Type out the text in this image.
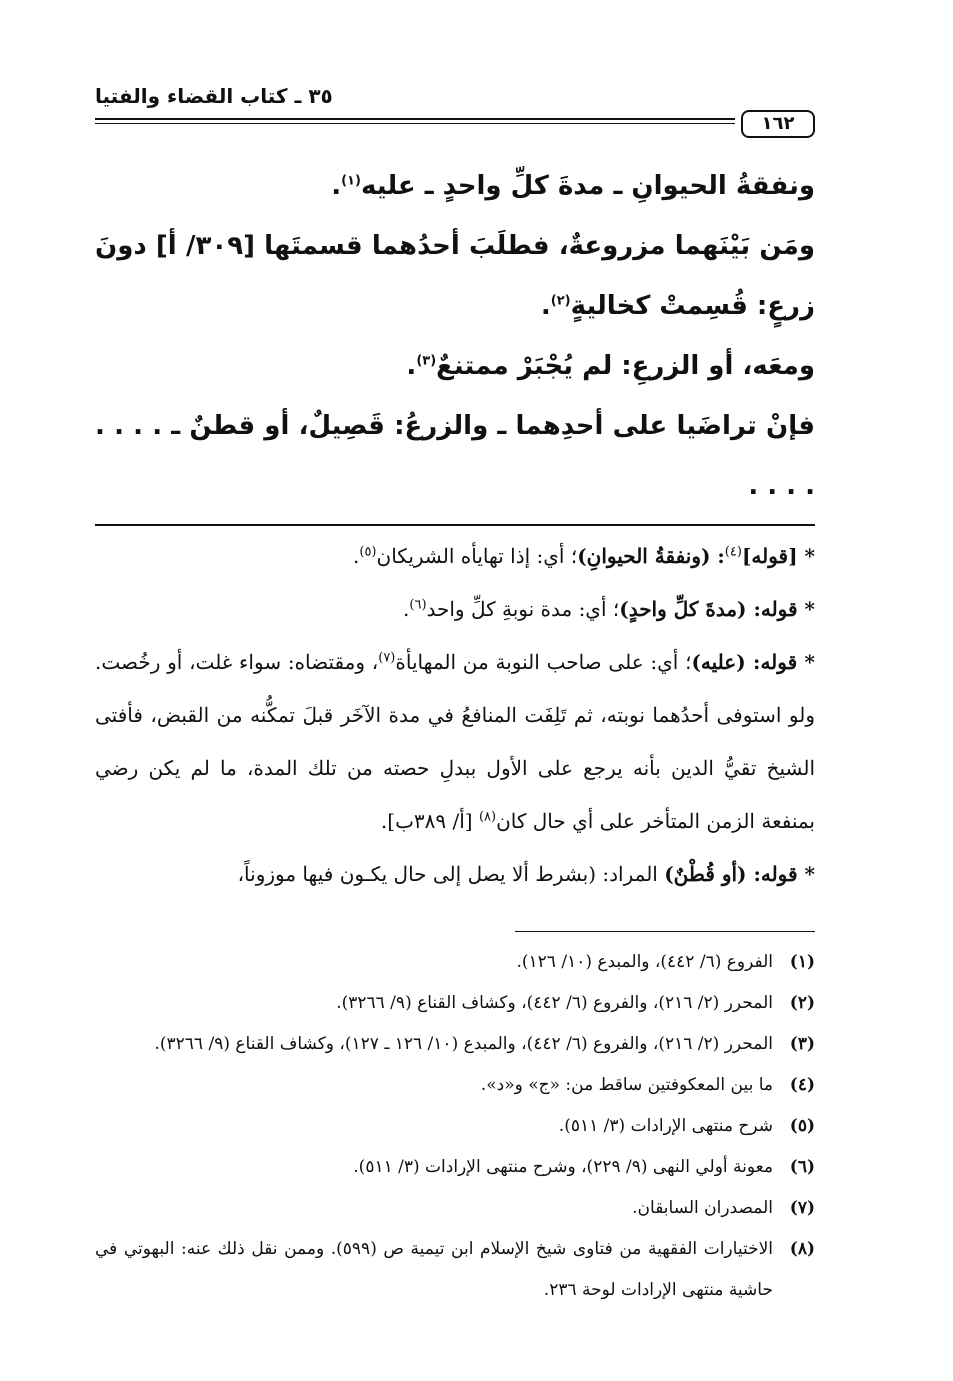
١٦٢
٣٥ ـ كتاب القضاء والفتيا

ونفقةُ الحيوانِ ـ مدةَ كلِّ واحدٍ ـ عليه$^{(١)}$.

ومَن بَيْنَهما مزروعةٌ، فطلَبَ أحدُهما قسمتَها [٣٠٩/ أ] دونَ زرعٍ: قُسِمتْ كخاليةٍ$^{(٢)}$.

ومعَه، أو الزرعِ: لم يُجْبَرْ ممتنعٌ$^{(٣)}$.

فإنْ تراضَيا على أحدِهما ـ والزرعُ: قَصِيلٌ، أو قطنٌ ـ . . . . . . . .

* [قوله]$^{(٤)}$: (ونفقةُ الحيوانِ)؛ أي: إذا تهايأه الشريكان$^{(٥)}$.

* قوله: (مدةَ كلِّ واحدٍ)؛ أي: مدة نوبةِ كلِّ واحد$^{(٦)}$.

* قوله: (عليه)؛ أي: على صاحب النوبة من المهايأة$^{(٧)}$، ومقتضاه: سواء غلت، أو رخُصت. ولو استوفى أحدُهما نوبته، ثم تَلِفَت المنافعُ في مدة الآخَر قبلَ تمكُّنه من القبض، فأفتى الشيخ تقيُّ الدين بأنه يرجع على الأول ببدلِ حصته من تلك المدة، ما لم يكن رضي بمنفعة الزمن المتأخر على أي حال كان$^{(٨)}$ [أ/ ٣٨٩ب].

* قوله: (أو قُطْنٌ) المراد: (بشرط ألا يصل إلى حال يكـون فيها موزوناً،

(١)
الفروع (٦/ ٤٤٢)، والمبدع (١٠/ ١٢٦).
(٢)
المحرر (٢/ ٢١٦)، والفروع (٦/ ٤٤٢)، وكشاف القناع (٩/ ٣٢٦٦).
(٣)
المحرر (٢/ ٢١٦)، والفروع (٦/ ٤٤٢)، والمبدع (١٠/ ١٢٦ ـ ١٢٧)، وكشاف القناع (٩/ ٣٢٦٦).
(٤)
ما بين المعكوفتين ساقط من: «ج» و«د».
(٥)
شرح منتهى الإرادات (٣/ ٥١١).
(٦)
معونة أولي النهى (٩/ ٢٢٩)، وشرح منتهى الإرادات (٣/ ٥١١).
(٧)
المصدران السابقان.
(٨)
الاختيارات الفقهية من فتاوى شيخ الإسلام ابن تيمية ص (٥٩٩). وممن نقل ذلك عنه: البهوتي في حاشية منتهى الإرادات لوحة ٢٣٦.
